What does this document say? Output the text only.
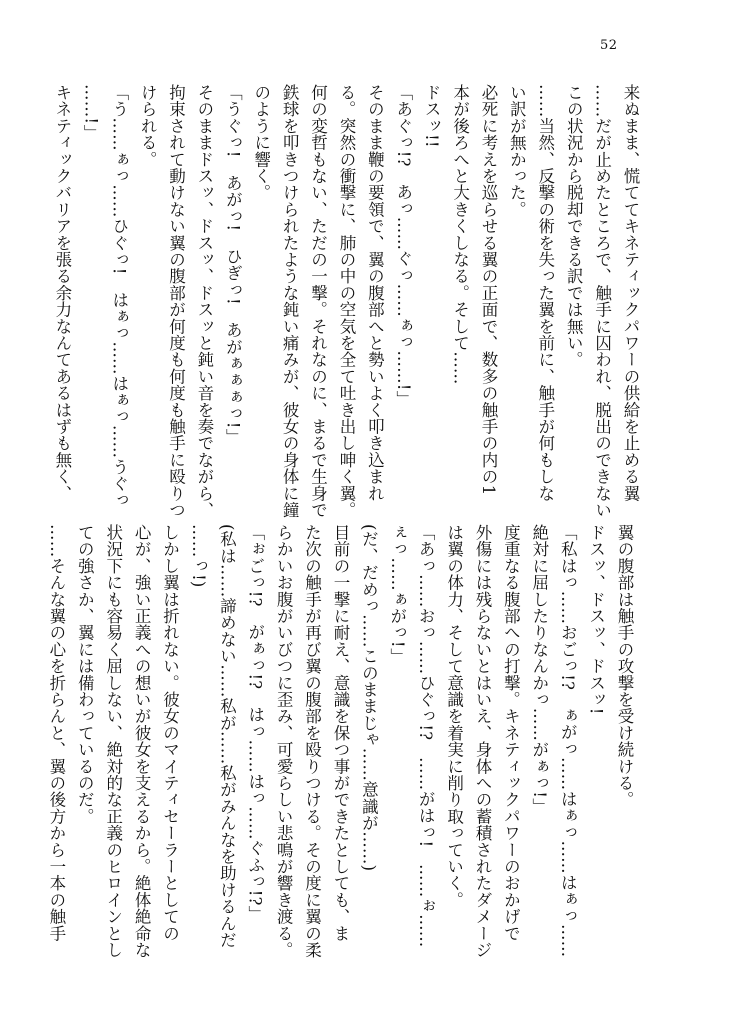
52
来ぬまま、慌ててキネティックパワーの供給を止める翼
……だが止めたところで、触手に囚われ、脱出のできない
この状況から脱却できる訳では無い。
……当然、反撃の術を失った翼を前に、触手が何もしな
い訳が無かった。
必死に考えを巡らせる翼の正面で、数多の触手の内の1
本が後ろへと大きくしなる。そして……
ドスッ!!
「あぐっ!?　あっ……ぐっ……ぁっ……!」
そのまま鞭の要領で、翼の腹部へと勢いよく叩き込まれ
る。突然の衝撃に、肺の中の空気を全て吐き出し呻く翼。
何の変哲もない、ただの一撃。それなのに、まるで生身で
鉄球を叩きつけられたような鈍い痛みが、彼女の身体に鐘
のように響く。
「うぐっ!　あがっ!　ひぎっ!　あがぁぁぁっ!」
そのままドスッ、ドスッ、ドスッと鈍い音を奏でながら、
拘束されて動けない翼の腹部が何度も何度も触手に殴りつ
けられる。
「う……ぁっ……ひぐっ!　はぁっ……はぁっ……うぐっ
……!」
キネティックバリアを張る余力なんてあるはずも無く、
翼の腹部は触手の攻撃を受け続ける。
ドスッ、ドスッ、ドスッ!
「私はっ……おごっ!?　ぁがっ……はぁっ……はぁっ……
絶対に屈したりなんかっ……がぁっ!」
度重なる腹部への打撃。キネティックパワーのおかげで
外傷には残らないとはいえ、身体への蓄積されたダメージ
は翼の体力、そして意識を着実に削り取っていく。
「あっ……おっ……ひぐっ!?　……がはっ!　……ぉ……
ぇっ……ぁがっ!」
(だ、だめっ……このままじゃ……意識が……)
目前の一撃に耐え、意識を保つ事ができたとしても、ま
た次の触手が再び翼の腹部を殴りつける。その度に翼の柔
らかいお腹がいびつに歪み、可愛らしい悲鳴が響き渡る。
「ぉごっ!?　がぁっ!?　はっ……はっ……ぐふっ!?」
(私は……諦めない……私が……私がみんなを助けるんだ
……っ!)
しかし翼は折れない。彼女のマイティセーラーとしての
心が、強い正義への想いが彼女を支えるから。絶体絶命な
状況下にも容易く屈しない、絶対的な正義のヒロインとし
ての強さか、翼には備わっているのだ。
……そんな翼の心を折らんと、翼の後方から一本の触手
